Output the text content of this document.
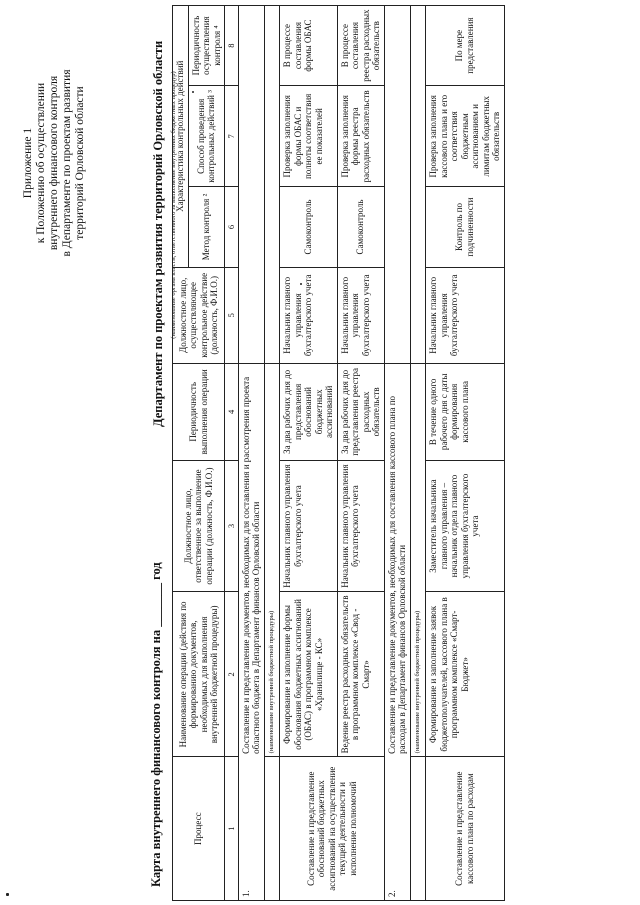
Приложение 1 к Положению об осуществлении внутреннего финансового контроля в Департаменте по проектам развития территорий Орловской области
Карта внутреннего финансового контроля на _______ год
Департамент по проектам развития территорий Орловской области (наименование органа власти, ответственного за выполнение внутренних бюджетных процедур)
Процесс	Наименование операции (действия по формированию документов, необходимых для выполнения внутренней бюджетной процедуры)	Должностное лицо, ответственное за выполнение операции (должность, Ф.И.О.)	Периодичность выполнения операции	Должностное лицо, осуществляющее контрольное действие (должность, Ф.И.О.)	Характеристика контрольных действий		
					Метод контроля ²	Способ проведения контрольных действий ³	Периодичность осуществления контроля ⁴
1	2	3	4	5	6	7	8
1.	Составление и представление документов, необходимых для составления и рассмотрения проекта областного бюджета в Департамент финансов Орловской области						
	(наименование внутренней бюджетной процедуры)						
Составление и представление обоснований бюджетных ассигнований на осуществление текущей деятельности и исполнение полномочий	Формирование и заполнение формы обоснования бюджетных ассигнований (ОБАС) в программном комплексе «Хранилище - КС»	Начальник главного управления бухгалтерского учета	За два рабочих дня до представления обоснований бюджетных ассигнований	Начальник главного управления бухгалтерского учета	Самоконтроль	Проверка заполнения формы ОБАС и полноты соответствия ее показателей	В процессе составления формы ОБАС
	Ведение реестра расходных обязательств в программном комплексе «Свод - Смарт»	Начальник главного управления бухгалтерского учета	За два рабочих дня до представления реестра расходных обязательств	Начальник главного управления бухгалтерского учета	Самоконтроль	Проверка заполнения формы реестра расходных обязательств	В процессе составления реестра расходных обязательств
2.	Составление и представление документов, необходимых для составления кассового плана по расходам в Департамент финансов Орловской области						
	(наименование внутренней бюджетной процедуры)						
Составление и представление кассового плана по расходам	Формирование и заполнение заявок бюджетополучателей, кассового плана в программном комплексе «Смарт-Бюджет»	Заместитель начальника главного управления – начальник отдела главного управления бухгалтерского учета	В течение одного рабочего дня с даты формирования кассового плана	Начальник главного управления бухгалтерского учета	Контроль по подчиненности	Проверка заполнения кассового плана и его соответствия бюджетным ассигнованиям и лимитам бюджетных обязательств	По мере представления
